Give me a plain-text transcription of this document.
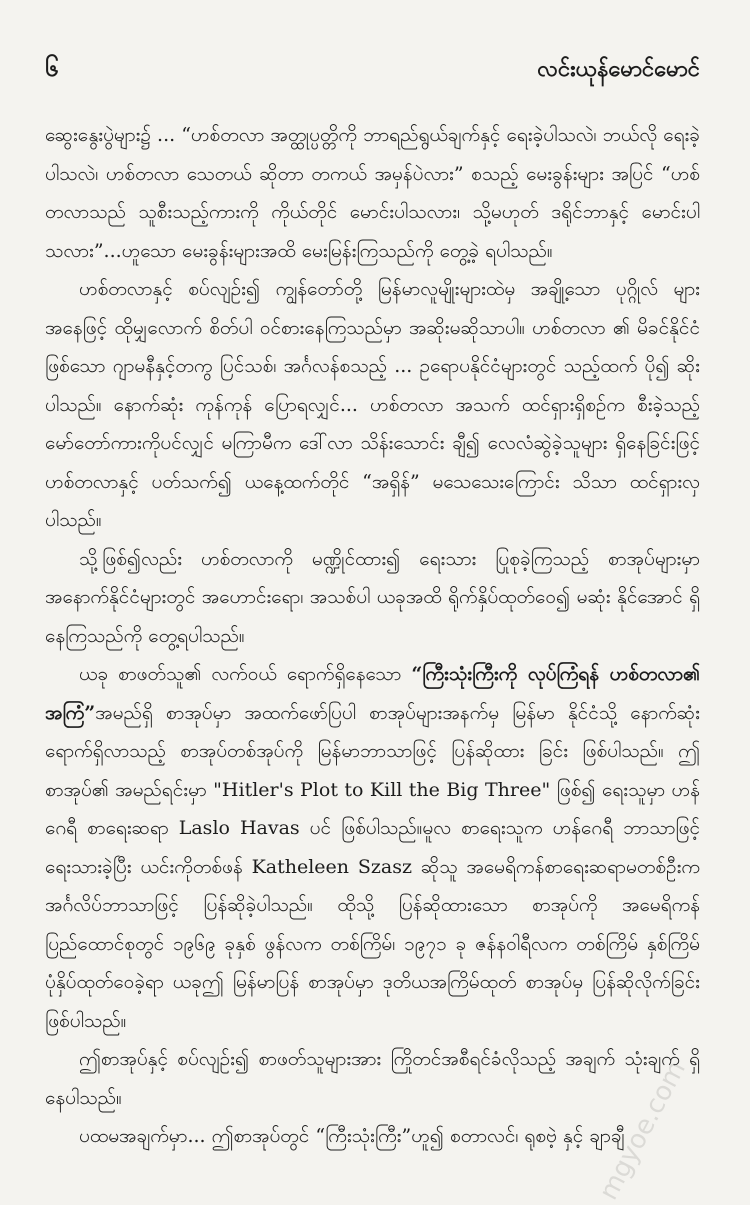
၆	လင်းယုန်မောင်မောင်

ဆွေးနွေးပွဲများ၌ ... “ဟစ်တလာ အတ္ထုပ္ပတ္တိကို ဘာရည်ရွယ်ချက်နှင့် ရေးခဲ့ပါသလဲ၊ ဘယ်လို ရေးခဲ့ပါသလဲ၊ ဟစ်တလာ သေတယ် ဆိုတာ တကယ် အမှန်ပဲလား” စသည့် မေးခွန်းများ အပြင် “ဟစ်တလာသည် သူစီးသည့်ကားကို ကိုယ်တိုင် မောင်းပါသလား၊ သို့မဟုတ် ဒရိုင်ဘာနှင့် မောင်းပါသလား”...ဟူသော မေးခွန်းများအထိ မေးမြန်းကြသည်ကို တွေ့ခဲ့ ရပါသည်။

ဟစ်တလာနှင့် စပ်လျဉ်း၍ ကျွန်တော်တို့ မြန်မာလူမျိုးများထဲမှ အချို့သော ပုဂ္ဂိုလ် များအနေဖြင့် ထိုမျှလောက် စိတ်ပါ ဝင်စားနေကြသည်မှာ အဆိုးမဆိုသာပါ။ ဟစ်တလာ ၏ မိခင်နိုင်ငံ ဖြစ်သော ဂျာမနီနှင့်တကွ ပြင်သစ်၊ အင်္ဂလန်စသည့် ... ဥရောပနိုင်ငံများတွင် သည့်ထက် ပို၍ ဆိုးပါသည်။ နောက်ဆုံး ကုန်ကုန် ပြောရလျှင်... ဟစ်တလာ အသက် ထင်ရှားရှိစဉ်က စီးခဲ့သည့် မော်တော်ကားကိုပင်လျှင် မကြာမီက ဒေါ်လာ သိန်းသောင်း ချီ၍ လေလံဆွဲခဲ့သူများ ရှိနေခြင်းဖြင့် ဟစ်တလာနှင့် ပတ်သက်၍ ယနေ့ထက်တိုင် “အရှိန်” မသေသေးကြောင်း သိသာ ထင်ရှားလှပါသည်။

သို့ဖြစ်၍လည်း ဟစ်တလာကို မဏ္ဍိုင်ထား၍ ရေးသား ပြုစုခဲ့ကြသည့် စာအုပ်များမှာ အနောက်နိုင်ငံများတွင် အဟောင်းရော၊ အသစ်ပါ ယခုအထိ ရိုက်နှိပ်ထုတ်ဝေ၍ မဆုံး နိုင်အောင် ရှိနေကြသည်ကို တွေ့ရပါသည်။

ယခု စာဖတ်သူ၏ လက်ဝယ် ရောက်ရှိနေသော “ကြီးသုံးကြီးကို လုပ်ကြံရန် ဟစ်တလာ၏ အကြံ”အမည်ရှိ စာအုပ်မှာ အထက်ဖော်ပြပါ စာအုပ်များအနက်မှ မြန်မာ နိုင်ငံသို့ နောက်ဆုံး ရောက်ရှိလာသည့် စာအုပ်တစ်အုပ်ကို မြန်မာဘာသာဖြင့် ပြန်ဆိုထား ခြင်း ဖြစ်ပါသည်။ ဤစာအုပ်၏ အမည်ရင်းမှာ "Hitler's Plot to Kill the Big Three" ဖြစ်၍ ရေးသူမှာ ဟန်ဂေရီ စာရေးဆရာ Laslo Havas ပင် ဖြစ်ပါသည်။မူလ စာရေးသူက ဟန်ဂေရီ ဘာသာဖြင့် ရေးသားခဲ့ပြီး ယင်းကိုတစ်ဖန် Katheleen Szasz ဆိုသူ အမေရိကန်စာရေးဆရာမတစ်ဦးက အင်္ဂလိပ်ဘာသာဖြင့် ပြန်ဆိုခဲ့ပါသည်။ ထိုသို့ ပြန်ဆိုထားသော စာအုပ်ကို အမေရိကန် ပြည်ထောင်စုတွင် ၁၉၆၉ ခုနှစ် ဖွန်လက တစ်ကြိမ်၊ ၁၉၇၁ ခု ဇန်နဝါရီလက တစ်ကြိမ် နှစ်ကြိမ်ပုံနှိပ်ထုတ်ဝေခဲ့ရာ ယခုဤ မြန်မာပြန် စာအုပ်မှာ ဒုတိယအကြိမ်ထုတ် စာအုပ်မှ ပြန်ဆိုလိုက်ခြင်း ဖြစ်ပါသည်။

ဤစာအုပ်နှင့် စပ်လျဉ်း၍ စာဖတ်သူများအား ကြိုတင်အစီရင်ခံလိုသည့် အချက် သုံးချက် ရှိနေပါသည်။

ပထမအချက်မှာ... ဤစာအုပ်တွင် “ကြီးသုံးကြီး”ဟူ၍ စတာလင်၊ ရုစဗဲ့ နှင့် ချာချီ

mgyoe.com
